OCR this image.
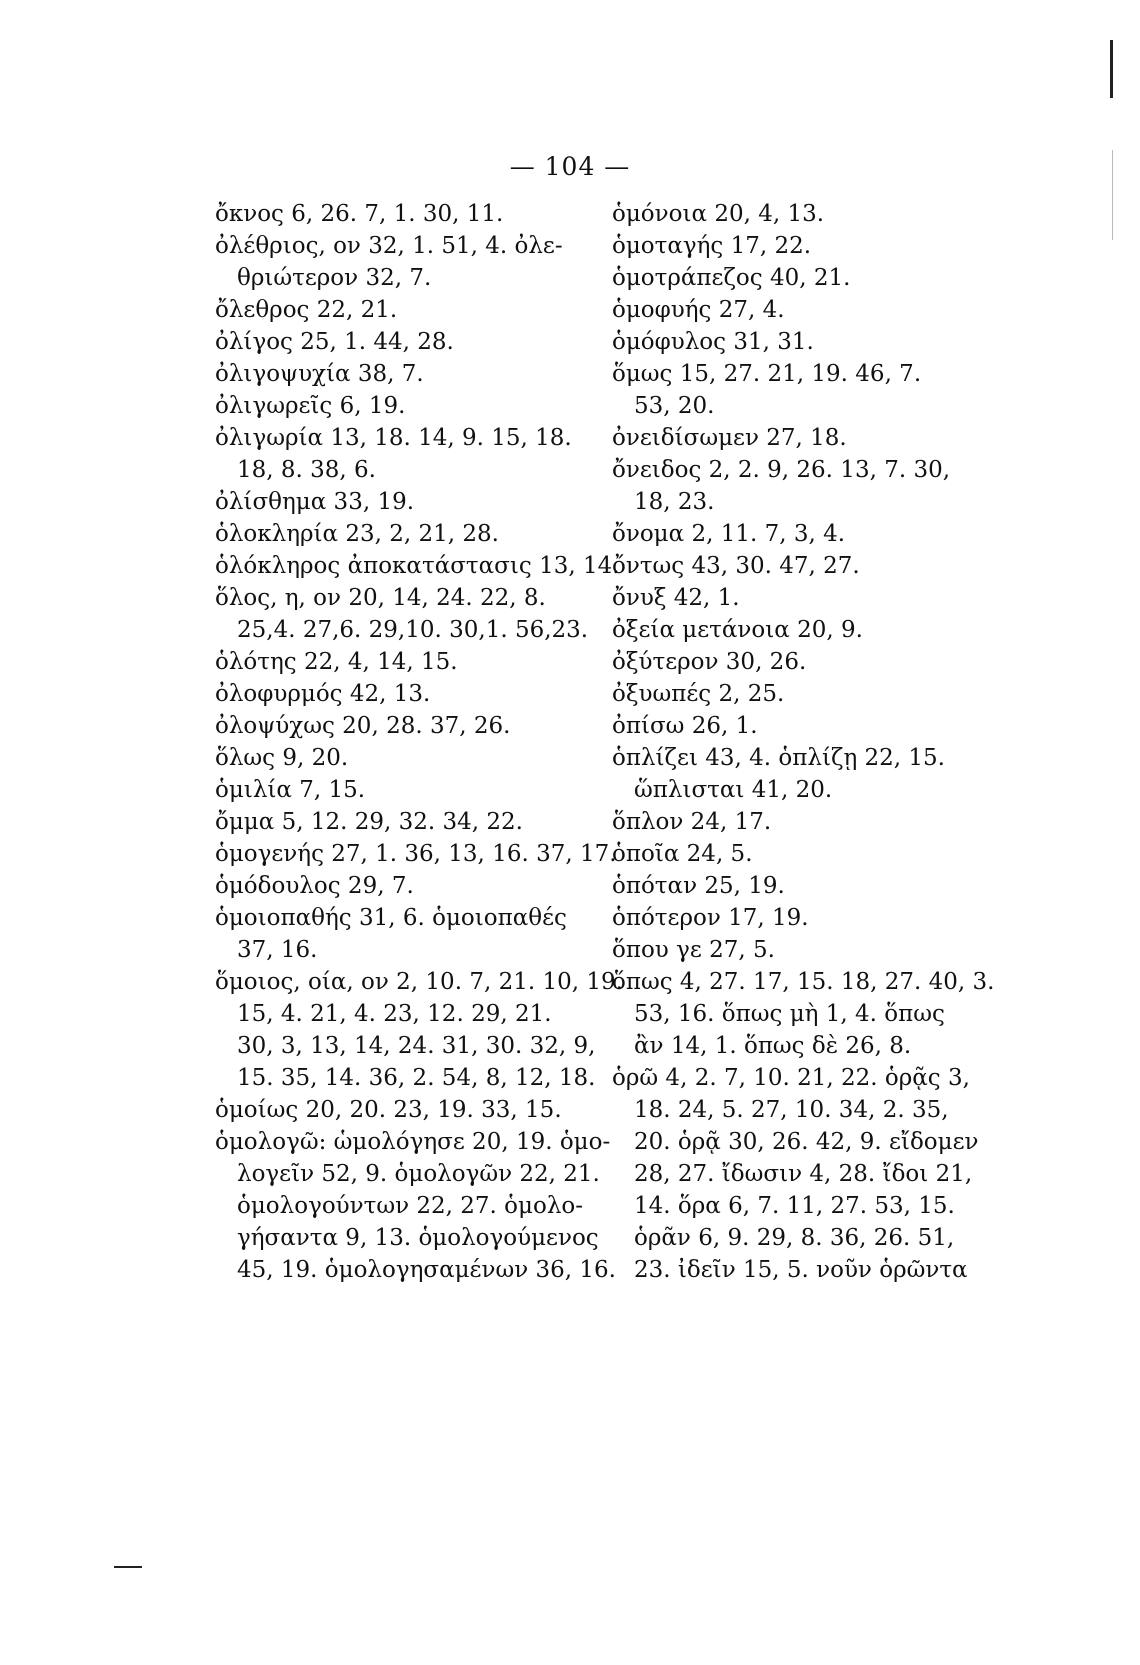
— 104 —
ὄκνος 6, 26. 7, 1. 30, 11.
ὀλέθριος, ον 32, 1. 51, 4. ὀλε-
θριώτερον 32, 7.
ὄλεθρος 22, 21.
ὀλίγος 25, 1. 44, 28.
ὀλιγοψυχία 38, 7.
ὀλιγωρεῖς 6, 19.
ὀλιγωρία 13, 18. 14, 9. 15, 18.
18, 8. 38, 6.
ὀλίσθημα 33, 19.
ὁλοκληρία 23, 2, 21, 28.
ὁλόκληρος ἀποκατάστασις 13, 14.
ὅλος, η, ον 20, 14, 24. 22, 8.
25,4. 27,6. 29,10. 30,1. 56,23.
ὁλότης 22, 4, 14, 15.
ὀλοφυρμός 42, 13.
ὀλοψύχως 20, 28. 37, 26.
ὅλως 9, 20.
ὁμιλία 7, 15.
ὄμμα 5, 12. 29, 32. 34, 22.
ὁμογενής 27, 1. 36, 13, 16. 37, 17.
ὁμόδουλος 29, 7.
ὁμοιοπαθής 31, 6. ὁμοιοπαθές
37, 16.
ὅμοιος, οία, ον 2, 10. 7, 21. 10, 19.
15, 4. 21, 4. 23, 12. 29, 21.
30, 3, 13, 14, 24. 31, 30. 32, 9,
15. 35, 14. 36, 2. 54, 8, 12, 18.
ὁμοίως 20, 20. 23, 19. 33, 15.
ὁμολογῶ: ὡμολόγησε 20, 19. ὁμο-
λογεῖν 52, 9. ὁμολογῶν 22, 21.
ὁμολογούντων 22, 27. ὁμολο-
γήσαντα 9, 13. ὁμολογούμενος
45, 19. ὁμολογησαμένων 36, 16.
ὁμόνοια 20, 4, 13.
ὁμοταγής 17, 22.
ὁμοτράπεζος 40, 21.
ὁμοφυής 27, 4.
ὁμόφυλος 31, 31.
ὅμως 15, 27. 21, 19. 46, 7.
53, 20.
ὀνειδίσωμεν 27, 18.
ὄνειδος 2, 2. 9, 26. 13, 7. 30,
18, 23.
ὄνομα 2, 11. 7, 3, 4.
ὄντως 43, 30. 47, 27.
ὄνυξ 42, 1.
ὀξεία μετάνοια 20, 9.
ὀξύτερον 30, 26.
ὀξυωπές 2, 25.
ὀπίσω 26, 1.
ὁπλίζει 43, 4. ὁπλίζῃ 22, 15.
ὥπλισται 41, 20.
ὅπλον 24, 17.
ὁποῖα 24, 5.
ὁπόταν 25, 19.
ὁπότερον 17, 19.
ὅπου γε 27, 5.
ὅπως 4, 27. 17, 15. 18, 27. 40, 3.
53, 16. ὅπως μὴ 1, 4. ὅπως
ἂν 14, 1. ὅπως δὲ 26, 8.
ὁρῶ 4, 2. 7, 10. 21, 22. ὁρᾷς 3,
18. 24, 5. 27, 10. 34, 2. 35,
20. ὁρᾷ 30, 26. 42, 9. εἴδομεν
28, 27. ἴδωσιν 4, 28. ἴδοι 21,
14. ὅρα 6, 7. 11, 27. 53, 15.
ὁρᾶν 6, 9. 29, 8. 36, 26. 51,
23. ἰδεῖν 15, 5. νοῦν ὁρῶντα
